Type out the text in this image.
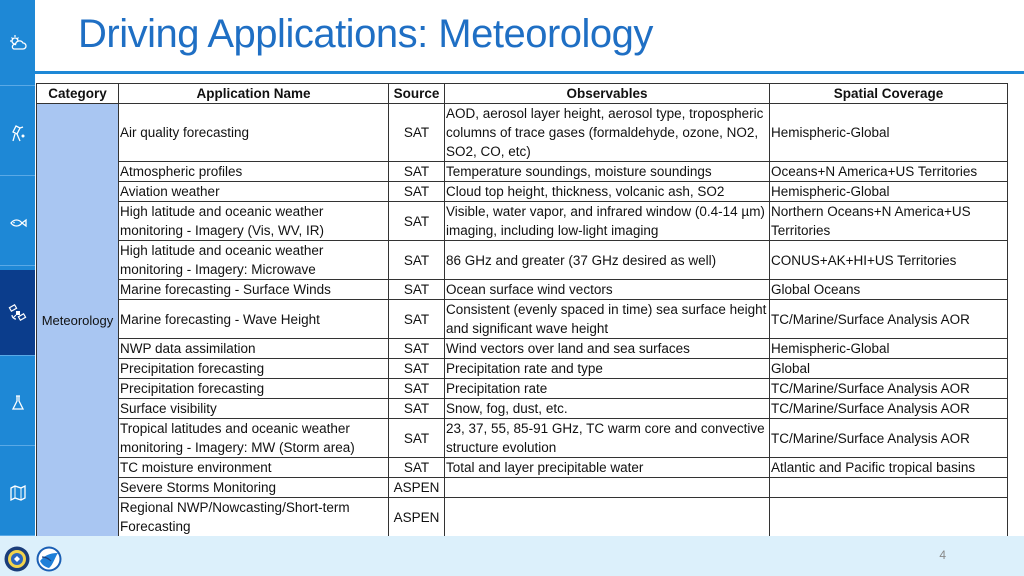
Driving Applications: Meteorology
Category	Application Name	Source	Observables	Spatial Coverage
Meteorology	Air quality forecasting	SAT	AOD, aerosol layer height, aerosol type, tropospheric columns of trace gases (formaldehyde, ozone, NO2, SO2, CO, etc)	Hemispheric-Global
	Atmospheric profiles	SAT	Temperature soundings, moisture soundings	Oceans+N America+US Territories
	Aviation weather	SAT	Cloud top height, thickness, volcanic ash, SO2	Hemispheric-Global
	High latitude and oceanic weather monitoring - Imagery (Vis, WV, IR)	SAT	Visible, water vapor, and infrared window (0.4-14 µm) imaging, including low-light imaging	Northern Oceans+N America+US Territories
	High latitude and oceanic weather monitoring - Imagery: Microwave	SAT	86 GHz and greater (37 GHz desired as well)	CONUS+AK+HI+US Territories
	Marine forecasting - Surface Winds	SAT	Ocean surface wind vectors	Global Oceans
	Marine forecasting - Wave Height	SAT	Consistent (evenly spaced in time) sea surface height and significant wave height	TC/Marine/Surface Analysis AOR
	NWP data assimilation	SAT	Wind vectors over land and sea surfaces	Hemispheric-Global
	Precipitation forecasting	SAT	Precipitation rate and type	Global
	Precipitation forecasting	SAT	Precipitation rate	TC/Marine/Surface Analysis AOR
	Surface visibility	SAT	Snow, fog, dust, etc.	TC/Marine/Surface Analysis AOR
	Tropical latitudes and oceanic weather monitoring - Imagery: MW (Storm area)	SAT	23, 37, 55, 85-91 GHz, TC warm core and convective structure evolution	TC/Marine/Surface Analysis AOR
	TC moisture environment	SAT	Total and layer precipitable water	Atlantic and Pacific tropical basins
	Severe Storms Monitoring	ASPEN		
	Regional NWP/Nowcasting/Short-term Forecasting	ASPEN		
4
